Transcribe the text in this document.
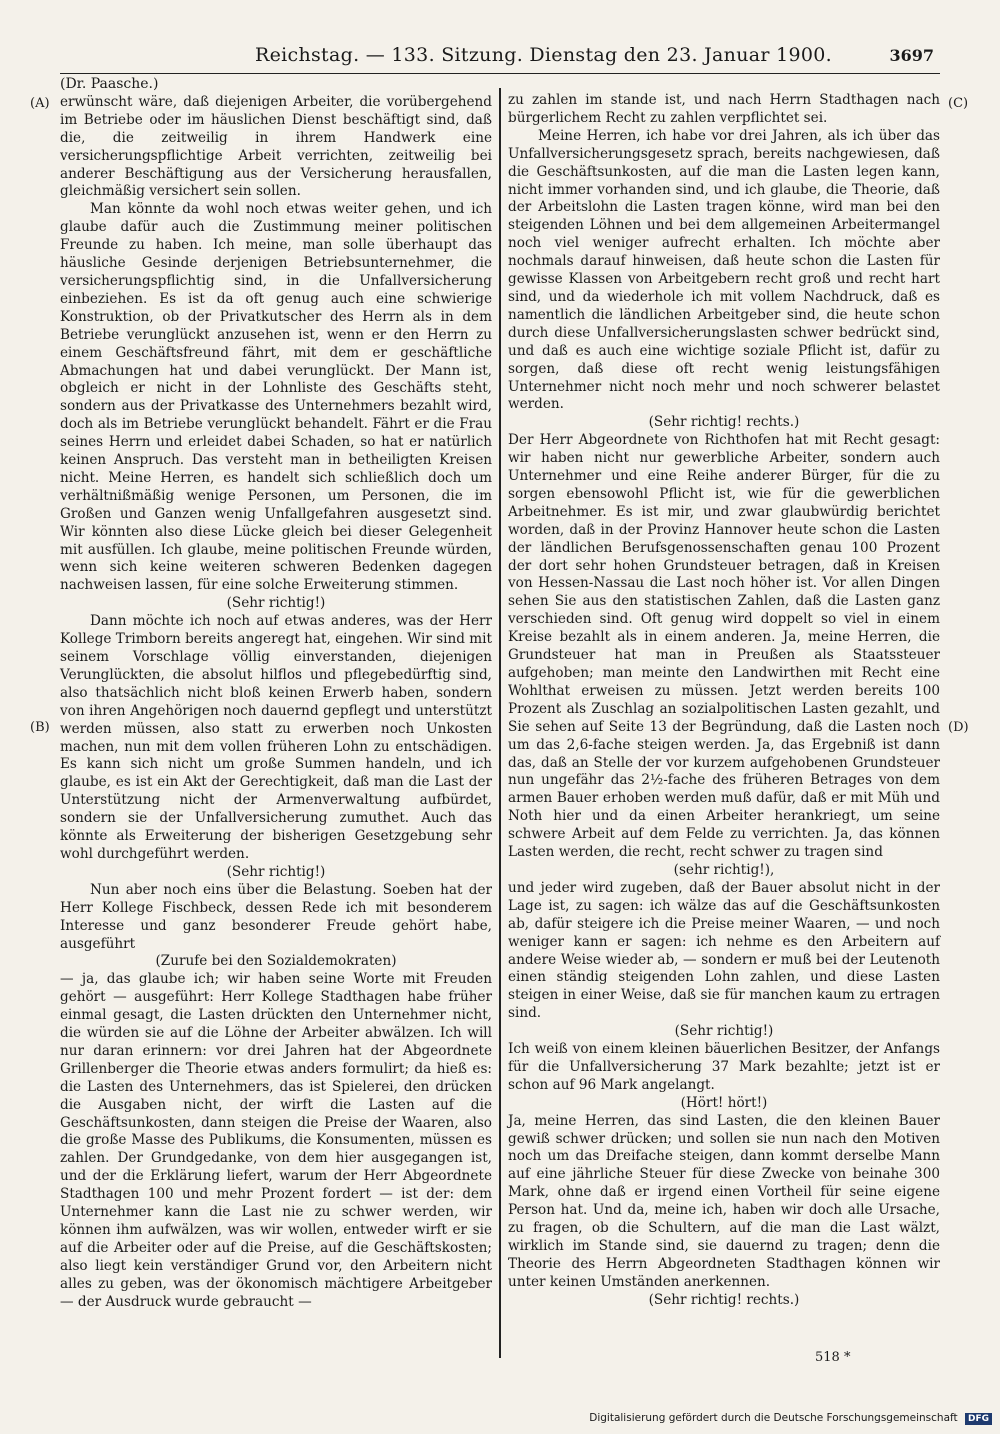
Reichstag. — 133. Sitzung. Dienstag den 23. Januar 1900.	3697
(A)
(B)
(C)
(D)

(Dr. Paasche.)

erwünscht wäre, daß diejenigen Arbeiter, die vorübergehend im Betriebe oder im häuslichen Dienst beschäftigt sind, daß die, die zeitweilig in ihrem Handwerk eine versicherungspflichtige Arbeit verrichten, zeitweilig bei anderer Beschäftigung aus der Versicherung herausfallen, gleichmäßig versichert sein sollen.

Man könnte da wohl noch etwas weiter gehen, und ich glaube dafür auch die Zustimmung meiner politischen Freunde zu haben. Ich meine, man solle überhaupt das häusliche Gesinde derjenigen Betriebsunternehmer, die versicherungspflichtig sind, in die Unfallversicherung einbeziehen. Es ist da oft genug auch eine schwierige Konstruktion, ob der Privatkutscher des Herrn als in dem Betriebe verunglückt anzusehen ist, wenn er den Herrn zu einem Geschäftsfreund fährt, mit dem er geschäftliche Abmachungen hat und dabei verunglückt. Der Mann ist, obgleich er nicht in der Lohnliste des Geschäfts steht, sondern aus der Privatkasse des Unternehmers bezahlt wird, doch als im Betriebe verunglückt behandelt. Fährt er die Frau seines Herrn und erleidet dabei Schaden, so hat er natürlich keinen Anspruch. Das versteht man in betheiligten Kreisen nicht. Meine Herren, es handelt sich schließlich doch um verhältnißmäßig wenige Personen, um Personen, die im Großen und Ganzen wenig Unfallgefahren ausgesetzt sind. Wir könnten also diese Lücke gleich bei dieser Gelegenheit mit ausfüllen. Ich glaube, meine politischen Freunde würden, wenn sich keine weiteren schweren Bedenken dagegen nachweisen lassen, für eine solche Erweiterung stimmen.

(Sehr richtig!)

Dann möchte ich noch auf etwas anderes, was der Herr Kollege Trimborn bereits angeregt hat, eingehen. Wir sind mit seinem Vorschlage völlig einverstanden, diejenigen Verunglückten, die absolut hilflos und pflegebedürftig sind, also thatsächlich nicht bloß keinen Erwerb haben, sondern von ihren Angehörigen noch dauernd gepflegt und unterstützt werden müssen, also statt zu erwerben noch Unkosten machen, nun mit dem vollen früheren Lohn zu entschädigen. Es kann sich nicht um große Summen handeln, und ich glaube, es ist ein Akt der Gerechtigkeit, daß man die Last der Unterstützung nicht der Armenverwaltung aufbürdet, sondern sie der Unfallversicherung zumuthet. Auch das könnte als Erweiterung der bisherigen Gesetzgebung sehr wohl durchgeführt werden.

(Sehr richtig!)

Nun aber noch eins über die Belastung. Soeben hat der Herr Kollege Fischbeck, dessen Rede ich mit besonderem Interesse und ganz besonderer Freude gehört habe, ausgeführt

(Zurufe bei den Sozialdemokraten)

— ja, das glaube ich; wir haben seine Worte mit Freuden gehört — ausgeführt: Herr Kollege Stadthagen habe früher einmal gesagt, die Lasten drückten den Unternehmer nicht, die würden sie auf die Löhne der Arbeiter abwälzen. Ich will nur daran erinnern: vor drei Jahren hat der Abgeordnete Grillenberger die Theorie etwas anders formulirt; da hieß es: die Lasten des Unternehmers, das ist Spielerei, den drücken die Ausgaben nicht, der wirft die Lasten auf die Geschäftsunkosten, dann steigen die Preise der Waaren, also die große Masse des Publikums, die Konsumenten, müssen es zahlen. Der Grundgedanke, von dem hier ausgegangen ist, und der die Erklärung liefert, warum der Herr Abgeordnete Stadthagen 100 und mehr Prozent fordert — ist der: dem Unternehmer kann die Last nie zu schwer werden, wir können ihm aufwälzen, was wir wollen, entweder wirft er sie auf die Arbeiter oder auf die Preise, auf die Geschäftskosten; also liegt kein verständiger Grund vor, den Arbeitern nicht alles zu geben, was der ökonomisch mächtigere Arbeitgeber — der Ausdruck wurde gebraucht —

zu zahlen im stande ist, und nach Herrn Stadthagen nach bürgerlichem Recht zu zahlen verpflichtet sei.

Meine Herren, ich habe vor drei Jahren, als ich über das Unfallversicherungsgesetz sprach, bereits nachgewiesen, daß die Geschäftsunkosten, auf die man die Lasten legen kann, nicht immer vorhanden sind, und ich glaube, die Theorie, daß der Arbeitslohn die Lasten tragen könne, wird man bei den steigenden Löhnen und bei dem allgemeinen Arbeitermangel noch viel weniger aufrecht erhalten. Ich möchte aber nochmals darauf hinweisen, daß heute schon die Lasten für gewisse Klassen von Arbeitgebern recht groß und recht hart sind, und da wiederhole ich mit vollem Nachdruck, daß es namentlich die ländlichen Arbeitgeber sind, die heute schon durch diese Unfallversicherungslasten schwer bedrückt sind, und daß es auch eine wichtige soziale Pflicht ist, dafür zu sorgen, daß diese oft recht wenig leistungsfähigen Unternehmer nicht noch mehr und noch schwerer belastet werden.

(Sehr richtig! rechts.)

Der Herr Abgeordnete von Richthofen hat mit Recht gesagt: wir haben nicht nur gewerbliche Arbeiter, sondern auch Unternehmer und eine Reihe anderer Bürger, für die zu sorgen ebensowohl Pflicht ist, wie für die gewerblichen Arbeitnehmer. Es ist mir, und zwar glaubwürdig berichtet worden, daß in der Provinz Hannover heute schon die Lasten der ländlichen Berufsgenossenschaften genau 100 Prozent der dort sehr hohen Grundsteuer betragen, daß in Kreisen von Hessen-Nassau die Last noch höher ist. Vor allen Dingen sehen Sie aus den statistischen Zahlen, daß die Lasten ganz verschieden sind. Oft genug wird doppelt so viel in einem Kreise bezahlt als in einem anderen. Ja, meine Herren, die Grundsteuer hat man in Preußen als Staatssteuer aufgehoben; man meinte den Landwirthen mit Recht eine Wohlthat erweisen zu müssen. Jetzt werden bereits 100 Prozent als Zuschlag an sozialpolitischen Lasten gezahlt, und Sie sehen auf Seite 13 der Begründung, daß die Lasten noch um das 2,6-fache steigen werden. Ja, das Ergebniß ist dann das, daß an Stelle der vor kurzem aufgehobenen Grundsteuer nun ungefähr das 2½-fache des früheren Betrages von dem armen Bauer erhoben werden muß dafür, daß er mit Müh und Noth hier und da einen Arbeiter herankriegt, um seine schwere Arbeit auf dem Felde zu verrichten. Ja, das können Lasten werden, die recht, recht schwer zu tragen sind

(sehr richtig!),

und jeder wird zugeben, daß der Bauer absolut nicht in der Lage ist, zu sagen: ich wälze das auf die Geschäftsunkosten ab, dafür steigere ich die Preise meiner Waaren, — und noch weniger kann er sagen: ich nehme es den Arbeitern auf andere Weise wieder ab, — sondern er muß bei der Leutenoth einen ständig steigenden Lohn zahlen, und diese Lasten steigen in einer Weise, daß sie für manchen kaum zu ertragen sind.

(Sehr richtig!)

Ich weiß von einem kleinen bäuerlichen Besitzer, der Anfangs für die Unfallversicherung 37 Mark bezahlte; jetzt ist er schon auf 96 Mark angelangt.

(Hört! hört!)

Ja, meine Herren, das sind Lasten, die den kleinen Bauer gewiß schwer drücken; und sollen sie nun nach den Motiven noch um das Dreifache steigen, dann kommt derselbe Mann auf eine jährliche Steuer für diese Zwecke von beinahe 300 Mark, ohne daß er irgend einen Vortheil für seine eigene Person hat. Und da, meine ich, haben wir doch alle Ursache, zu fragen, ob die Schultern, auf die man die Last wälzt, wirklich im Stande sind, sie dauernd zu tragen; denn die Theorie des Herrn Abgeordneten Stadthagen können wir unter keinen Umständen anerkennen.

(Sehr richtig! rechts.)

518 *
Digitalisierung gefördert durch die Deutsche Forschungsgemeinschaft DFG
